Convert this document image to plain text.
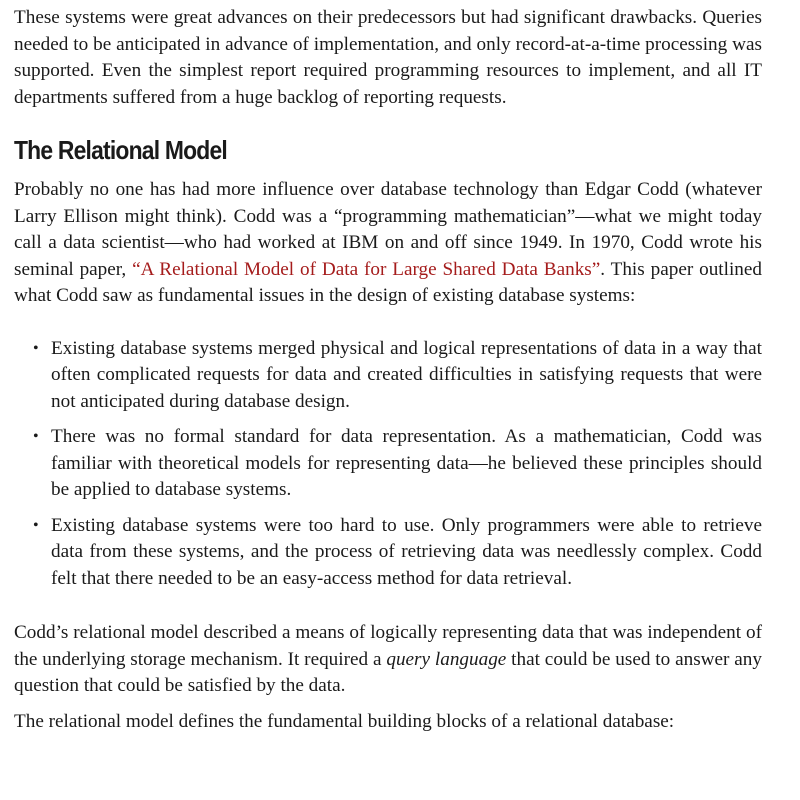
These systems were great advances on their predecessors but had significant drawbacks. Queries needed to be anticipated in advance of implementation, and only record-at-a-time processing was supported. Even the simplest report required programming resources to implement, and all IT departments suffered from a huge backlog of reporting requests.

The Relational Model

Probably no one has had more influence over database technology than Edgar Codd (whatever Larry Ellison might think). Codd was a “programming mathematician”—what we might today call a data scientist—who had worked at IBM on and off since 1949. In 1970, Codd wrote his seminal paper, “A Relational Model of Data for Large Shared Data Banks”. This paper outlined what Codd saw as fundamental issues in the design of existing database systems:

• Existing database systems merged physical and logical representations of data in a way that often complicated requests for data and created difficulties in satisfying requests that were not anticipated during database design.
• There was no formal standard for data representation. As a mathematician, Codd was familiar with theoretical models for representing data—he believed these principles should be applied to database systems.
• Existing database systems were too hard to use. Only programmers were able to retrieve data from these systems, and the process of retrieving data was needlessly complex. Codd felt that there needed to be an easy-access method for data retrieval.

Codd’s relational model described a means of logically representing data that was independent of the underlying storage mechanism. It required a query language that could be used to answer any question that could be satisfied by the data.

The relational model defines the fundamental building blocks of a relational database:
